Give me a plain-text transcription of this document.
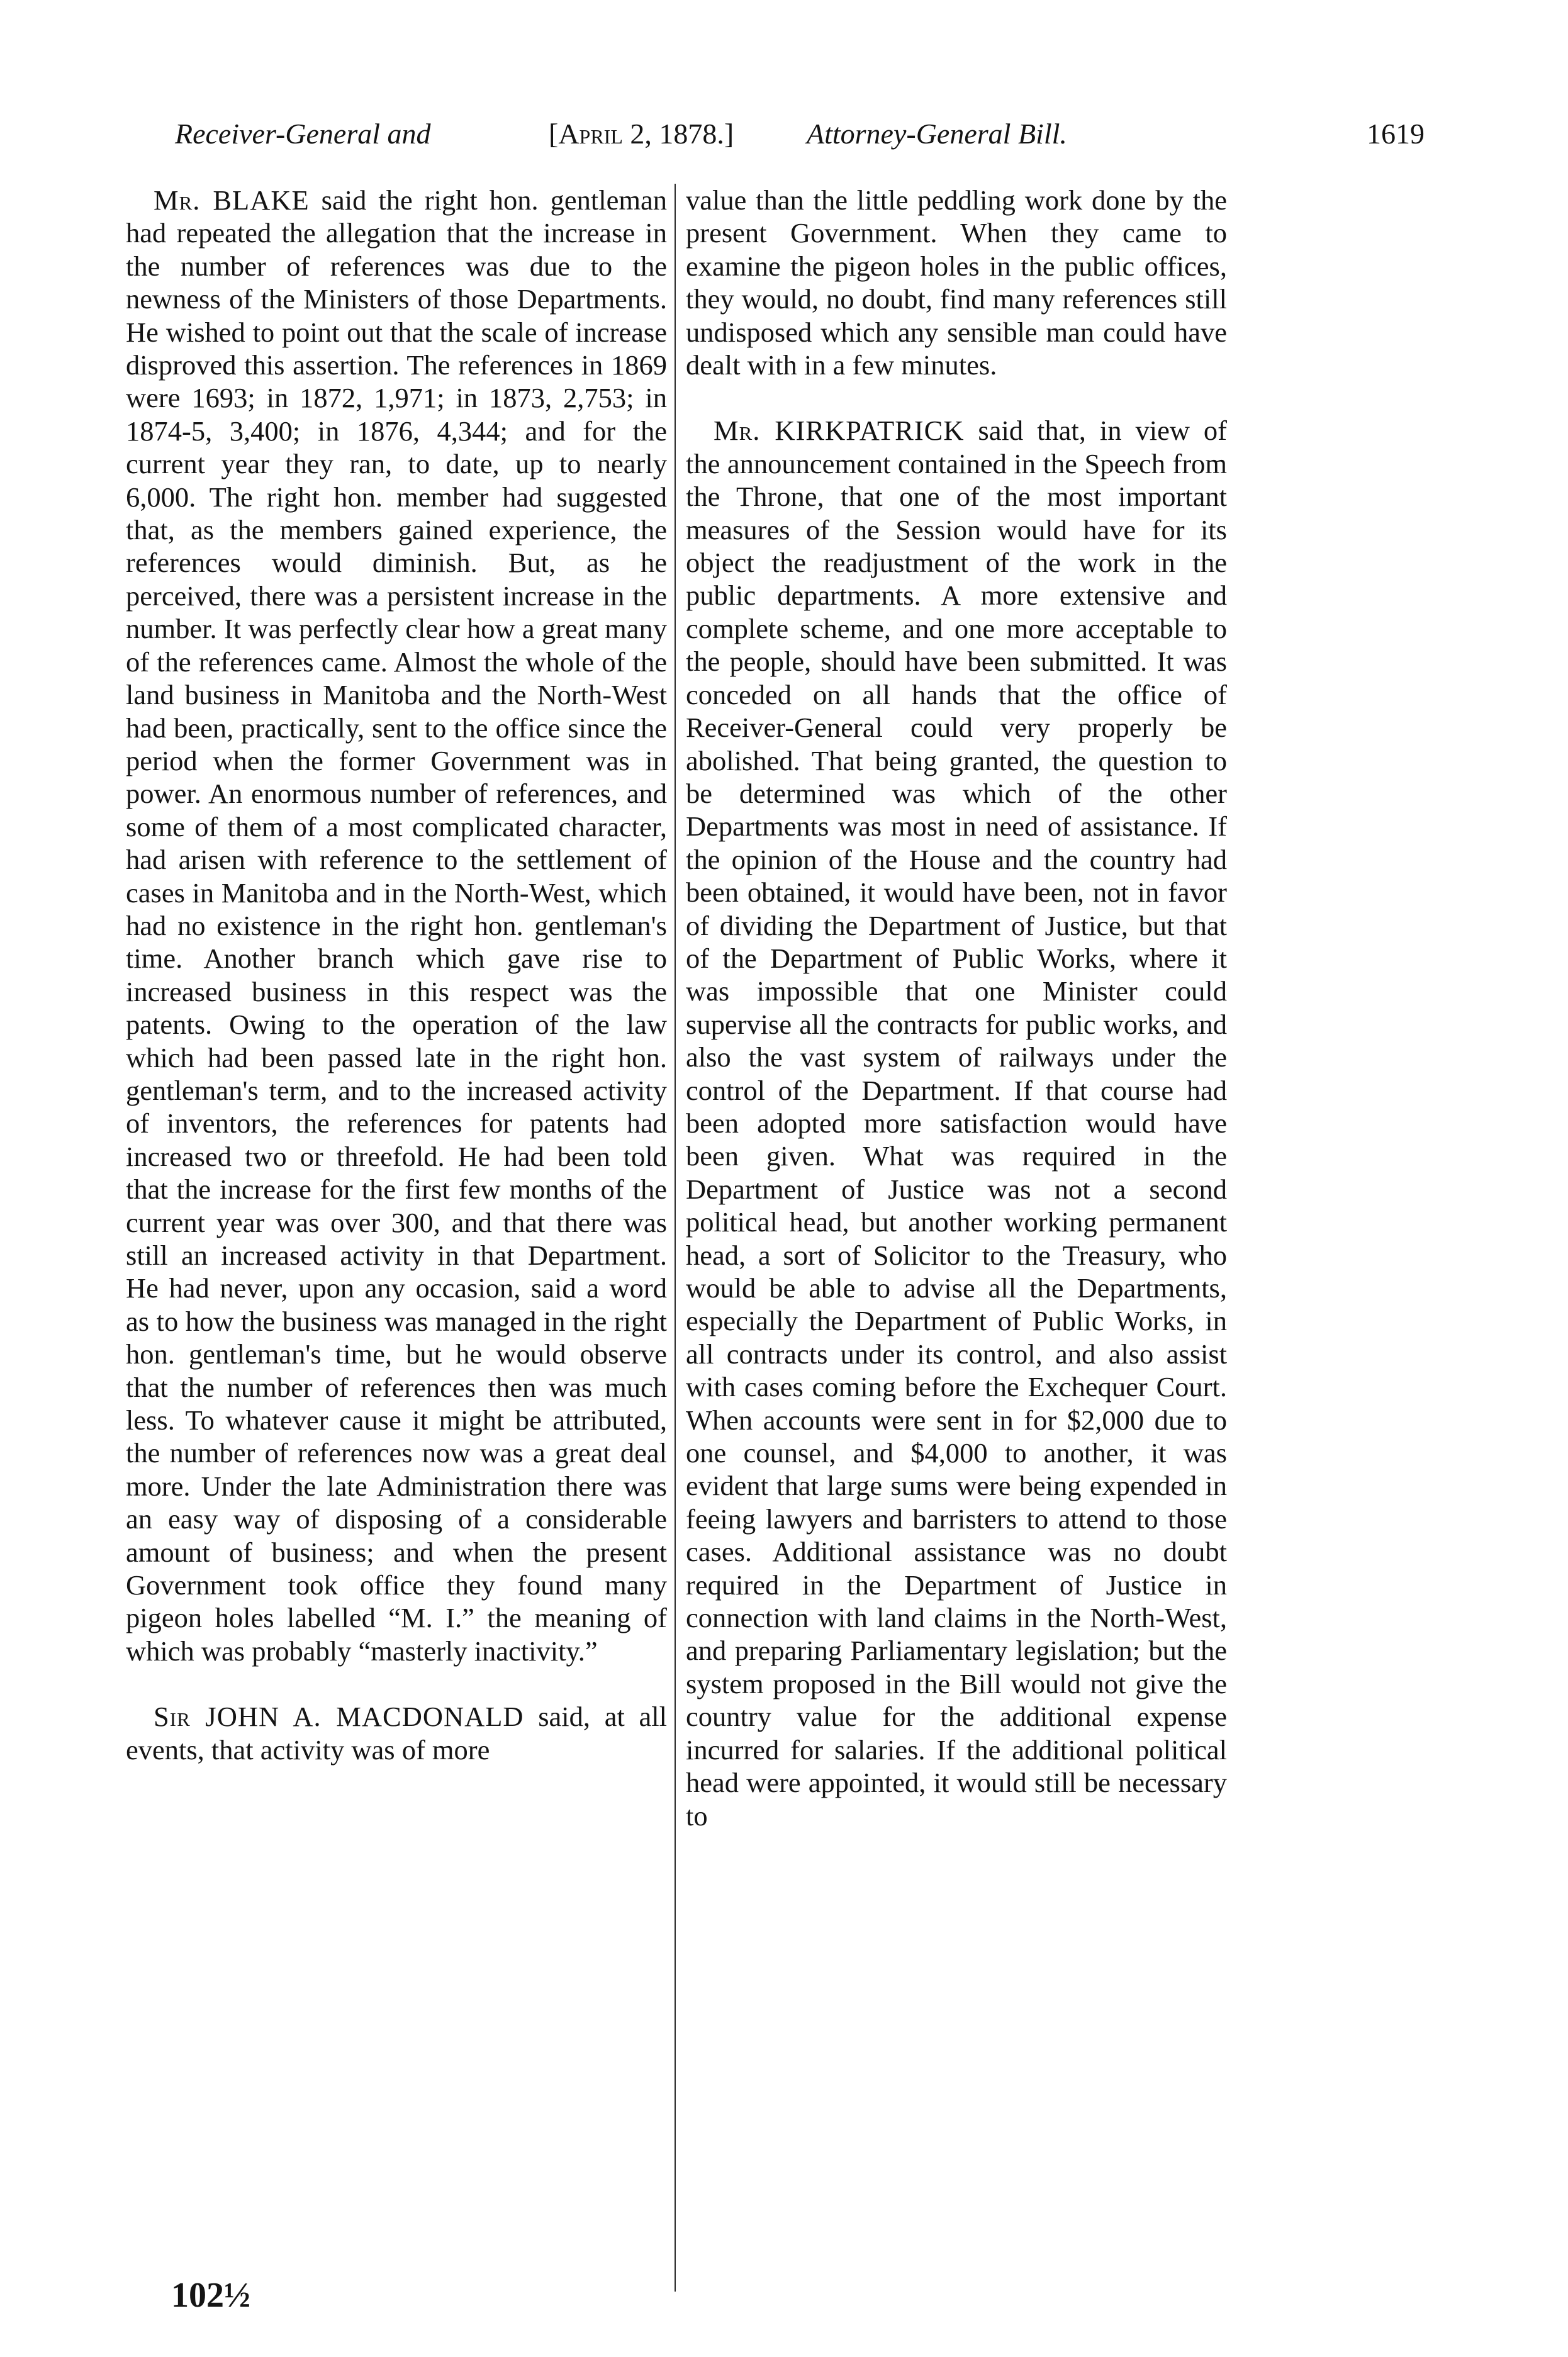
Receiver-General and	[April 2, 1878.]	Attorney-General Bill.	1619

Mr. BLAKE said the right hon. gentleman had repeated the allegation that the increase in the number of references was due to the newness of the Ministers of those Departments. He wished to point out that the scale of increase disproved this assertion. The references in 1869 were 1693; in 1872, 1,971; in 1873, 2,753; in 1874-5, 3,400; in 1876, 4,344; and for the current year they ran, to date, up to nearly 6,000. The right hon. member had suggested that, as the members gained experience, the references would diminish. But, as he perceived, there was a persistent increase in the number. It was perfectly clear how a great many of the references came. Almost the whole of the land business in Manitoba and the North-West had been, practically, sent to the office since the period when the former Government was in power. An enormous number of references, and some of them of a most complicated character, had arisen with reference to the settlement of cases in Manitoba and in the North-West, which had no existence in the right hon. gentleman's time. Another branch which gave rise to increased business in this respect was the patents. Owing to the operation of the law which had been passed late in the right hon. gentleman's term, and to the increased activity of inventors, the references for patents had increased two or threefold. He had been told that the increase for the first few months of the current year was over 300, and that there was still an increased activity in that Department. He had never, upon any occasion, said a word as to how the business was managed in the right hon. gentleman's time, but he would observe that the number of references then was much less. To whatever cause it might be attributed, the number of references now was a great deal more. Under the late Administration there was an easy way of disposing of a considerable amount of business; and when the present Government took office they found many pigeon holes labelled “M. I.” the meaning of which was probably “masterly inactivity.”

Sir JOHN A. MACDONALD said, at all events, that activity was of more

value than the little peddling work done by the present Government. When they came to examine the pigeon holes in the public offices, they would, no doubt, find many references still undisposed which any sensible man could have dealt with in a few minutes.

Mr. KIRKPATRICK said that, in view of the announcement contained in the Speech from the Throne, that one of the most important measures of the Session would have for its object the readjustment of the work in the public departments. A more extensive and complete scheme, and one more acceptable to the people, should have been submitted. It was conceded on all hands that the office of Receiver-General could very properly be abolished. That being granted, the question to be determined was which of the other Departments was most in need of assistance. If the opinion of the House and the country had been obtained, it would have been, not in favor of dividing the Department of Justice, but that of the Department of Public Works, where it was impossible that one Minister could supervise all the contracts for public works, and also the vast system of railways under the control of the Department. If that course had been adopted more satisfaction would have been given. What was required in the Department of Justice was not a second political head, but another working permanent head, a sort of Solicitor to the Treasury, who would be able to advise all the Departments, especially the Department of Public Works, in all contracts under its control, and also assist with cases coming before the Exchequer Court. When accounts were sent in for $2,000 due to one counsel, and $4,000 to another, it was evident that large sums were being expended in feeing lawyers and barristers to attend to those cases. Additional assistance was no doubt required in the Department of Justice in connection with land claims in the North-West, and preparing Parliamentary legislation; but the system proposed in the Bill would not give the country value for the additional expense incurred for salaries. If the additional political head were appointed, it would still be necessary to

102½
